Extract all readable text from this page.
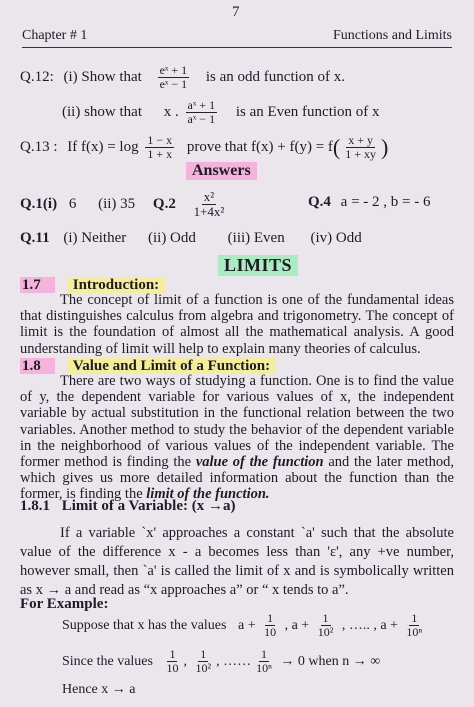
7
Chapter # 1	Functions and Limits
Q.12: (i) Show that $\frac{\text{eˣ + 1}}{\text{eˣ − 1}}$ is an odd function of x.
(ii) show that x . $\frac{\text{aˣ + 1}}{\text{aˣ − 1}}$ is an Even function of x
Q.13 : If $f(x) = \log \frac{1 - x}{1 + x}$ prove that $f(x) + f(y) = f( \frac{x + y}{1 + xy}$ )
Answers
Q.1(i) 6 (ii) 35 $Q.2 \frac{\text{x²}}{\text{1+4x²}}$	Q.4 a = - 2 , b = - 6
Q.11 (i) Neither (ii) Odd (iii) Even (iv) Odd
LIMITS
1.7 Introduction:
The concept of limit of a function is one of the fundamental ideas that distinguishes calculus from algebra and trigonometry. The concept of limit is the foundation of almost all the mathematical analysis. A good understanding of limit will help to explain many theories of calculus.
1.8 Value and Limit of a Function:
There are two ways of studying a function. One is to find the value of y, the dependent variable for various values of x, the independent variable by actual substitution in the functional relation between the two variables. Another method to study the behavior of the dependent variable in the neighborhood of various values of the independent variable. The former method is finding the value of the function and the later method, which gives us more detailed information about the function than the former, is finding the limit of the function.
1.8.1 Limit of a Variable: (x →a)
If a variable `x' approaches a constant `a' such that the absolute value of the difference x - a becomes less than 'ε', any +ve number, however small, then `a' is called the limit of x and is symbolically written as x → a and read as “x approaches a” or “ x tends to a”.
For Example:
Suppose that x has the values $a + \frac{1}{10}$ , $a + \frac{1}{\text{10²}}$ , ….. , $a + \frac{1}{\text{10ⁿ}}$
Since the values $\frac{1}{10}$ , $\frac{1}{\text{10²}}$ , …… $\frac{1}{\text{10ⁿ}} \to 0$ when n → ∞
Hence x → a
